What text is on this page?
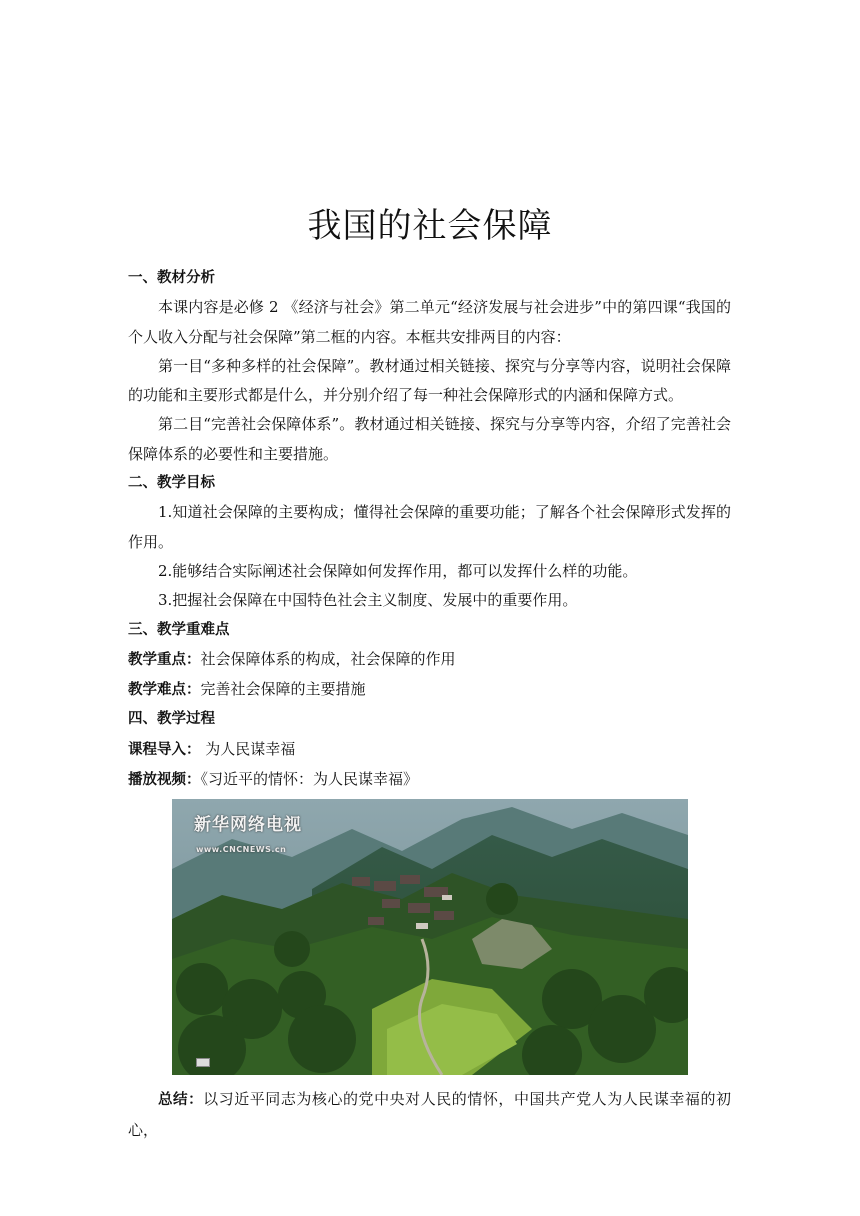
我国的社会保障

一、教材分析

本课内容是必修 2 《经济与社会》第二单元“经济发展与社会进步”中的第四课“我国的个人收入分配与社会保障”第二框的内容。本框共安排两目的内容：

第一目“多种多样的社会保障”。教材通过相关链接、探究与分享等内容，说明社会保障的功能和主要形式都是什么，并分别介绍了每一种社会保障形式的内涵和保障方式。

第二目“完善社会保障体系”。教材通过相关链接、探究与分享等内容，介绍了完善社会保障体系的必要性和主要措施。

二、教学目标

1.知道社会保障的主要构成；懂得社会保障的重要功能；了解各个社会保障形式发挥的作用。

2.能够结合实际阐述社会保障如何发挥作用，都可以发挥什么样的功能。

3.把握社会保障在中国特色社会主义制度、发展中的重要作用。

三、教学重难点

教学重点：社会保障体系的构成，社会保障的作用

教学难点：完善社会保障的主要措施

四、教学过程

课程导入： 为人民谋幸福

播放视频：《习近平的情怀：为人民谋幸福》

新华网络电视
www.CNCNEWS.cn

总结：以习近平同志为核心的党中央对人民的情怀，中国共产党人为人民谋幸福的初心，
